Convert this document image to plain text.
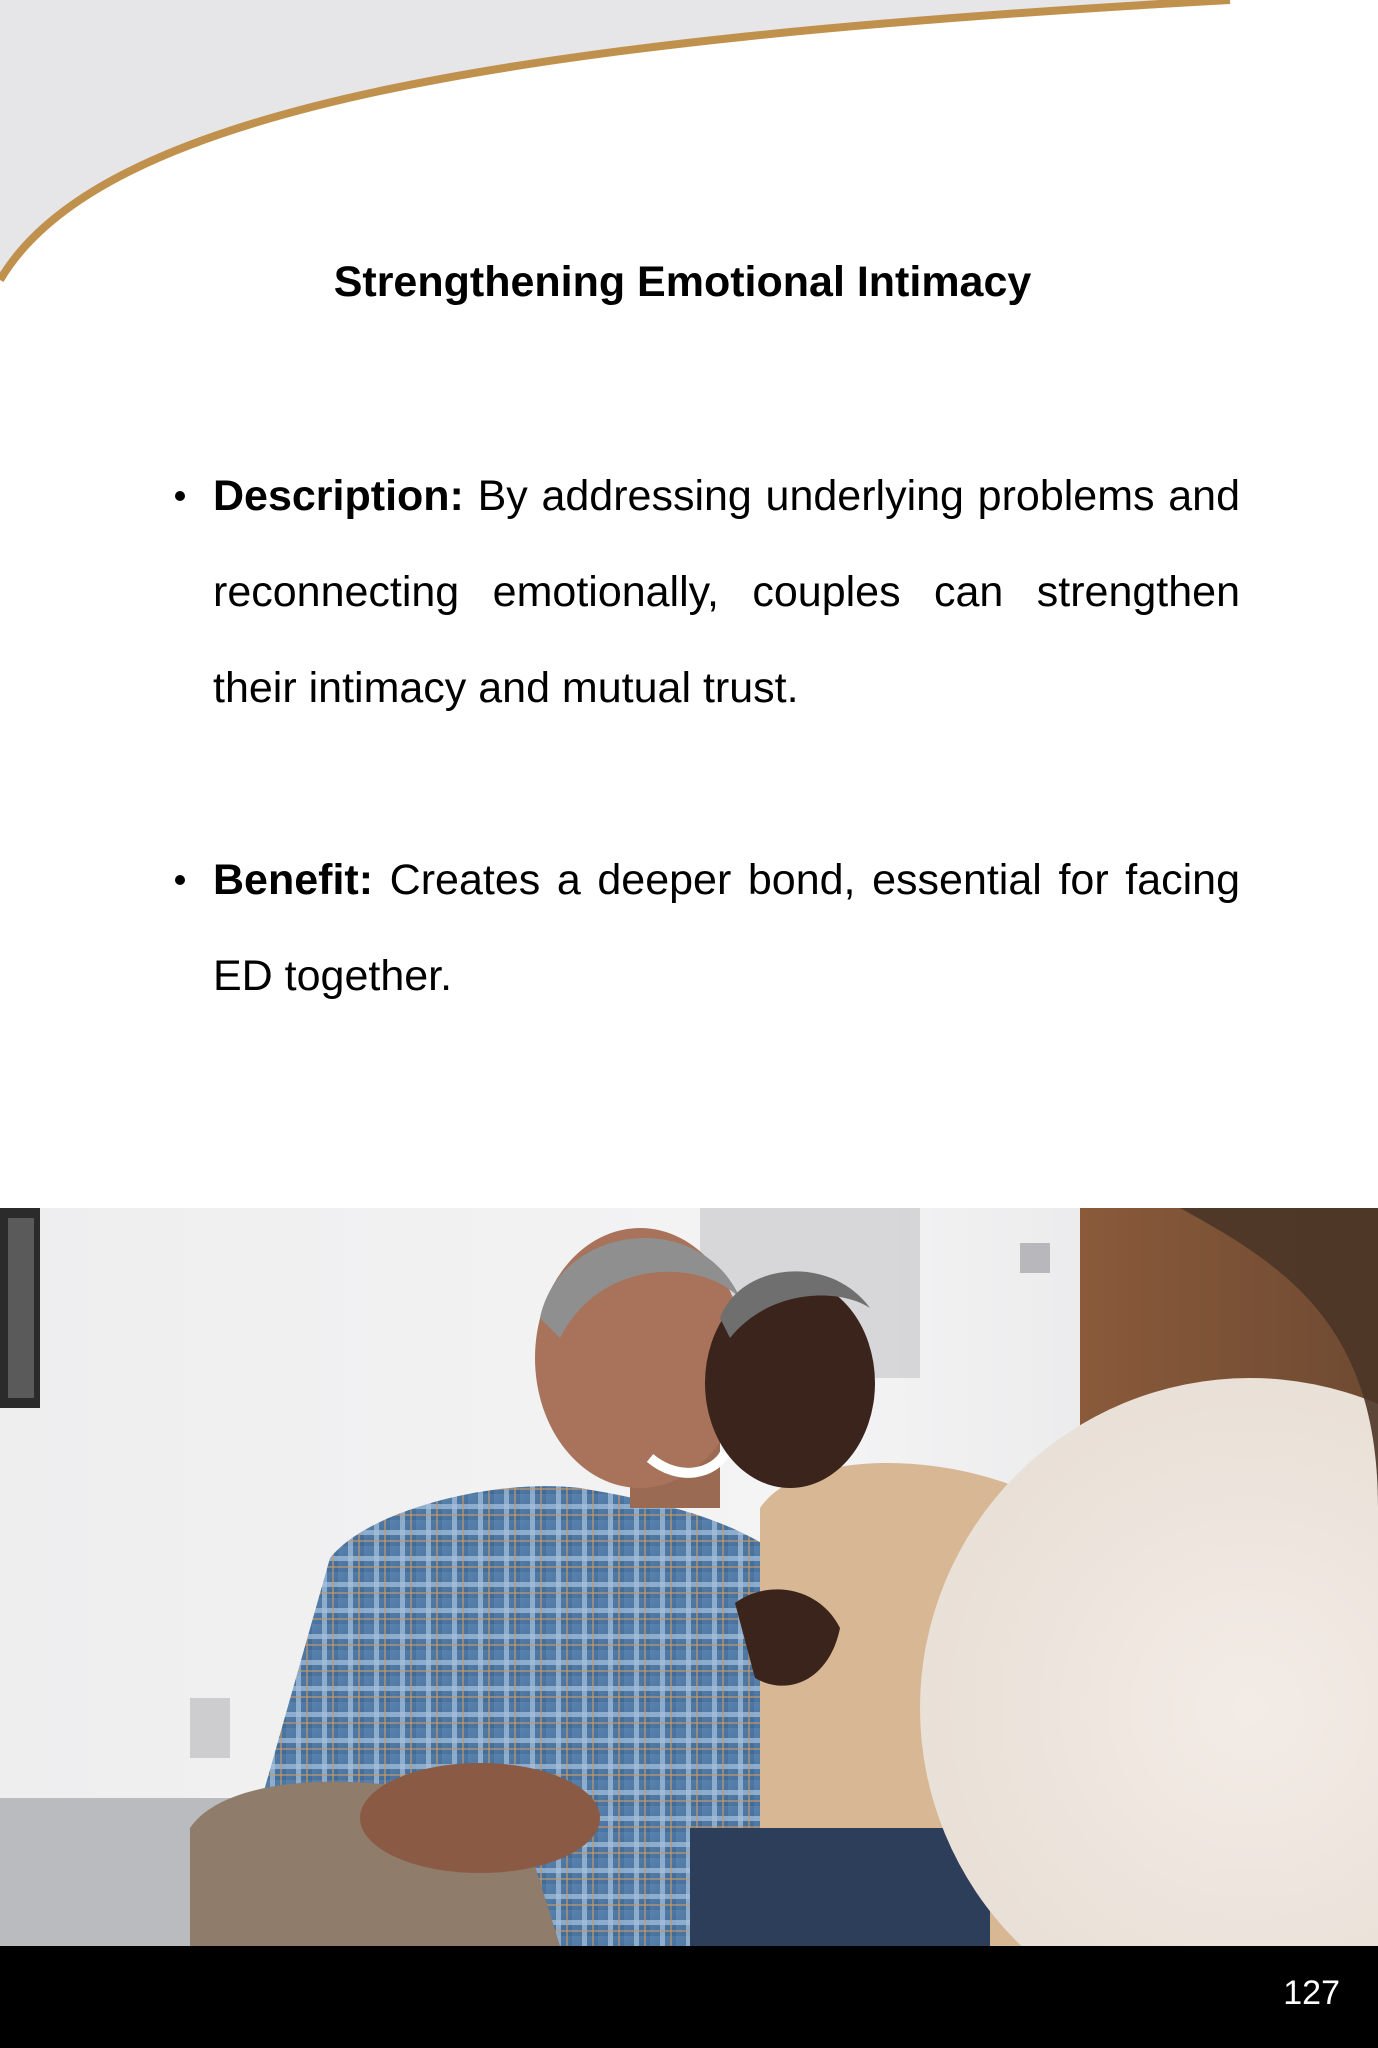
Strengthening Emotional Intimacy
Description: By addressing underlying problems and reconnecting emotionally, couples can strengthen their intimacy and mutual trust.
Benefit: Creates a deeper bond, essential for facing ED together.
127
